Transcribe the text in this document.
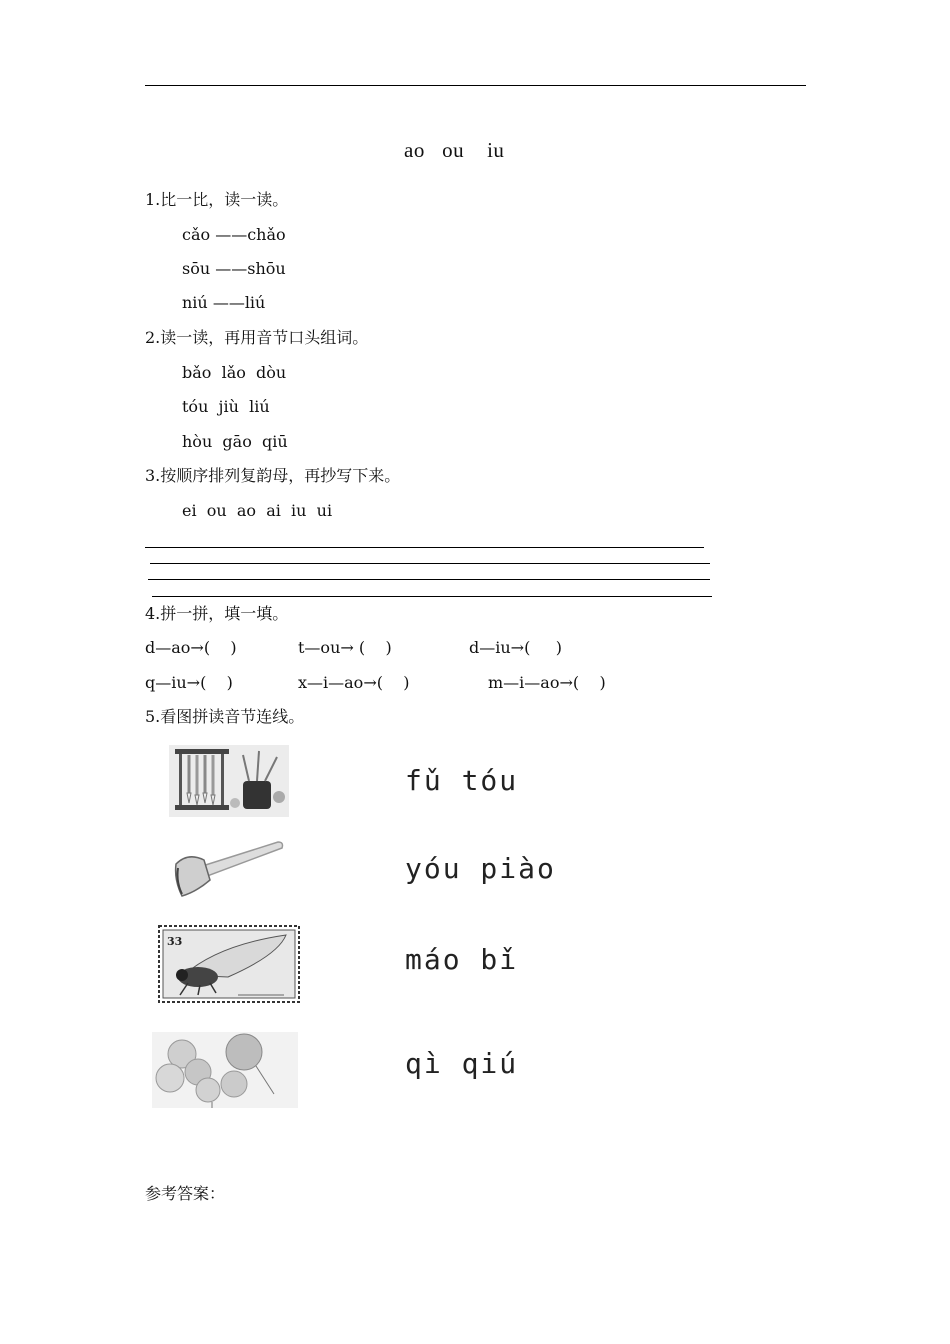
ao   ou    iu
1.比一比，读一读。
cǎo ——chǎo
sōu ——shōu
niú ——liú
2.读一读，再用音节口头组词。
bǎo  lǎo  dòu
tóu  jiù  liú
hòu  gāo  qiū
3.按顺序排列复韵母，再抄写下来。
ei  ou  ao  ai  iu  ui
4.拼一拼，填一填。
d—ao→(    )	t—ou→ (    )	d—iu→(     )
q—iu→(    )	x—i—ao→(    )	m—i—ao→(    )
5.看图拼读音节连线。
33
fǔ tóu
yóu piào
máo bǐ
qì qiú
参考答案：
